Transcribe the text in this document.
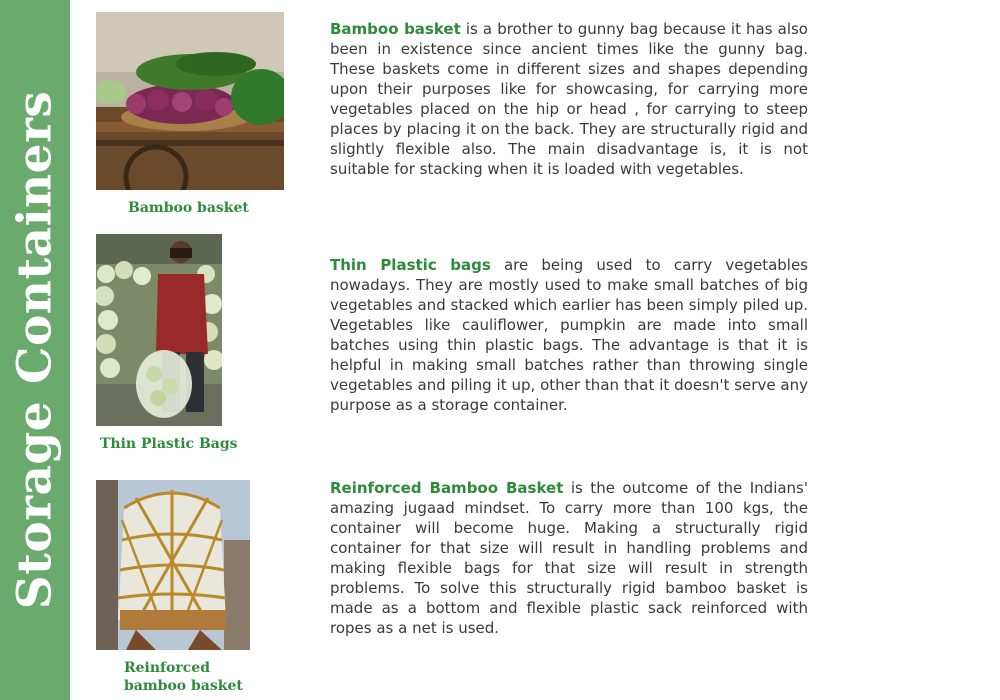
Storage Containers	Bamboo basket
Bamboo basket is a brother to gunny bag because it has also been in existence since ancient times like the gunny bag. These baskets come in different sizes and shapes depending upon their purposes like for showcasing, for carrying more vegetables placed on the hip or head , for carrying to steep places by placing it on the back. They are structurally rigid and slightly flexible also. The main disadvantage is, it is not suitable for stacking when it is loaded with vegetables.
Thin Plastic Bags
Thin Plastic bags are being used to carry vegetables nowadays. They are mostly used to make small batches of big vegetables and stacked which earlier has been simply piled up. Vegetables like cauliflower, pumpkin are made into small batches using thin plastic bags. The advantage is that it is helpful in making small batches rather than throwing single vegetables and piling it up, other than that it doesn't serve any purpose as a storage container.
Reinforced
bamboo basket
Reinforced Bamboo Basket is the outcome of the Indians' amazing jugaad mindset. To carry more than 100 kgs, the container will become huge. Making a structurally rigid container for that size will result in handling problems and making flexible bags for that size will result in strength problems. To solve this structurally rigid bamboo basket is made as a bottom and flexible plastic sack reinforced with ropes as a net is used.
